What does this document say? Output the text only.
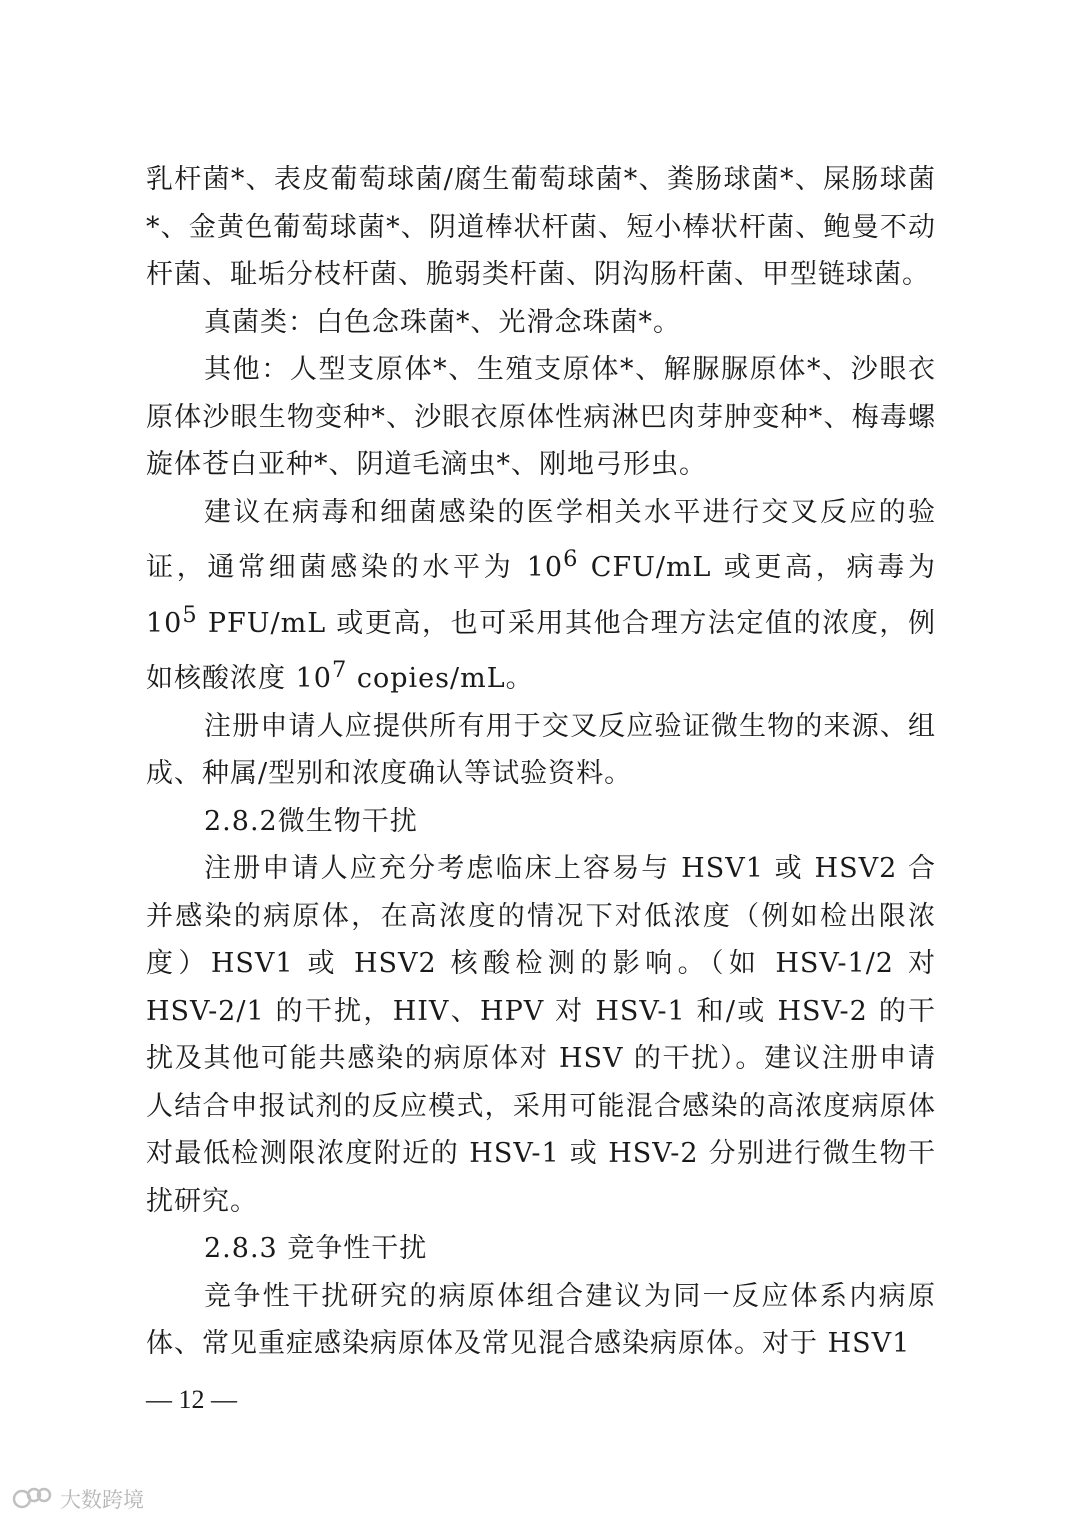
乳杆菌*、表皮葡萄球菌/腐生葡萄球菌*、粪肠球菌*、屎肠球菌*、金黄色葡萄球菌*、阴道棒状杆菌、短小棒状杆菌、鲍曼不动杆菌、耻垢分枝杆菌、脆弱类杆菌、阴沟肠杆菌、甲型链球菌。

真菌类：白色念珠菌*、光滑念珠菌*。

其他：人型支原体*、生殖支原体*、解脲脲原体*、沙眼衣原体沙眼生物变种*、沙眼衣原体性病淋巴肉芽肿变种*、梅毒螺旋体苍白亚种*、阴道毛滴虫*、刚地弓形虫。

建议在病毒和细菌感染的医学相关水平进行交叉反应的验证，通常细菌感染的水平为 $10^6$ CFU/mL 或更高，病毒为 $10^5$ PFU/mL 或更高，也可采用其他合理方法定值的浓度，例如核酸浓度 $10^7$ copies/mL。

注册申请人应提供所有用于交叉反应验证微生物的来源、组成、种属/型别和浓度确认等试验资料。

2.8.2微生物干扰

注册申请人应充分考虑临床上容易与 HSV1 或 HSV2 合并感染的病原体，在高浓度的情况下对低浓度（例如检出限浓度）HSV1 或 HSV2 核酸检测的影响。（如 HSV-1/2 对 HSV-2/1 的干扰，HIV、HPV 对 HSV-1 和/或 HSV-2 的干扰及其他可能共感染的病原体对 HSV 的干扰）。建议注册申请人结合申报试剂的反应模式，采用可能混合感染的高浓度病原体对最低检测限浓度附近的 HSV-1 或 HSV-2 分别进行微生物干扰研究。

2.8.3 竞争性干扰

竞争性干扰研究的病原体组合建议为同一反应体系内病原体、常见重症感染病原体及常见混合感染病原体。对于 HSV1

— 12 —
大数跨境
